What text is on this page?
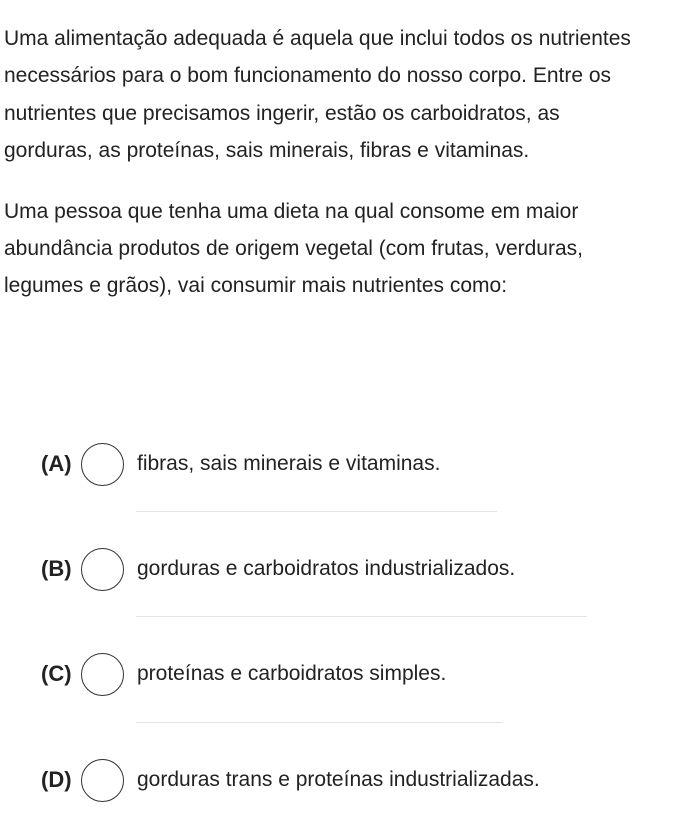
Uma alimentação adequada é aquela que inclui todos os nutrientes necessários para o bom funcionamento do nosso corpo. Entre os nutrientes que precisamos ingerir, estão os carboidratos, as gorduras, as proteínas, sais minerais, fibras e vitaminas.

Uma pessoa que tenha uma dieta na qual consome em maior abundância produtos de origem vegetal (com frutas, verduras, legumes e grãos), vai consumir mais nutrientes como:

(A)	fibras, sais minerais e vitaminas.
(B)	gorduras e carboidratos industrializados.
(C)	proteínas e carboidratos simples.
(D)	gorduras trans e proteínas industrializadas.
